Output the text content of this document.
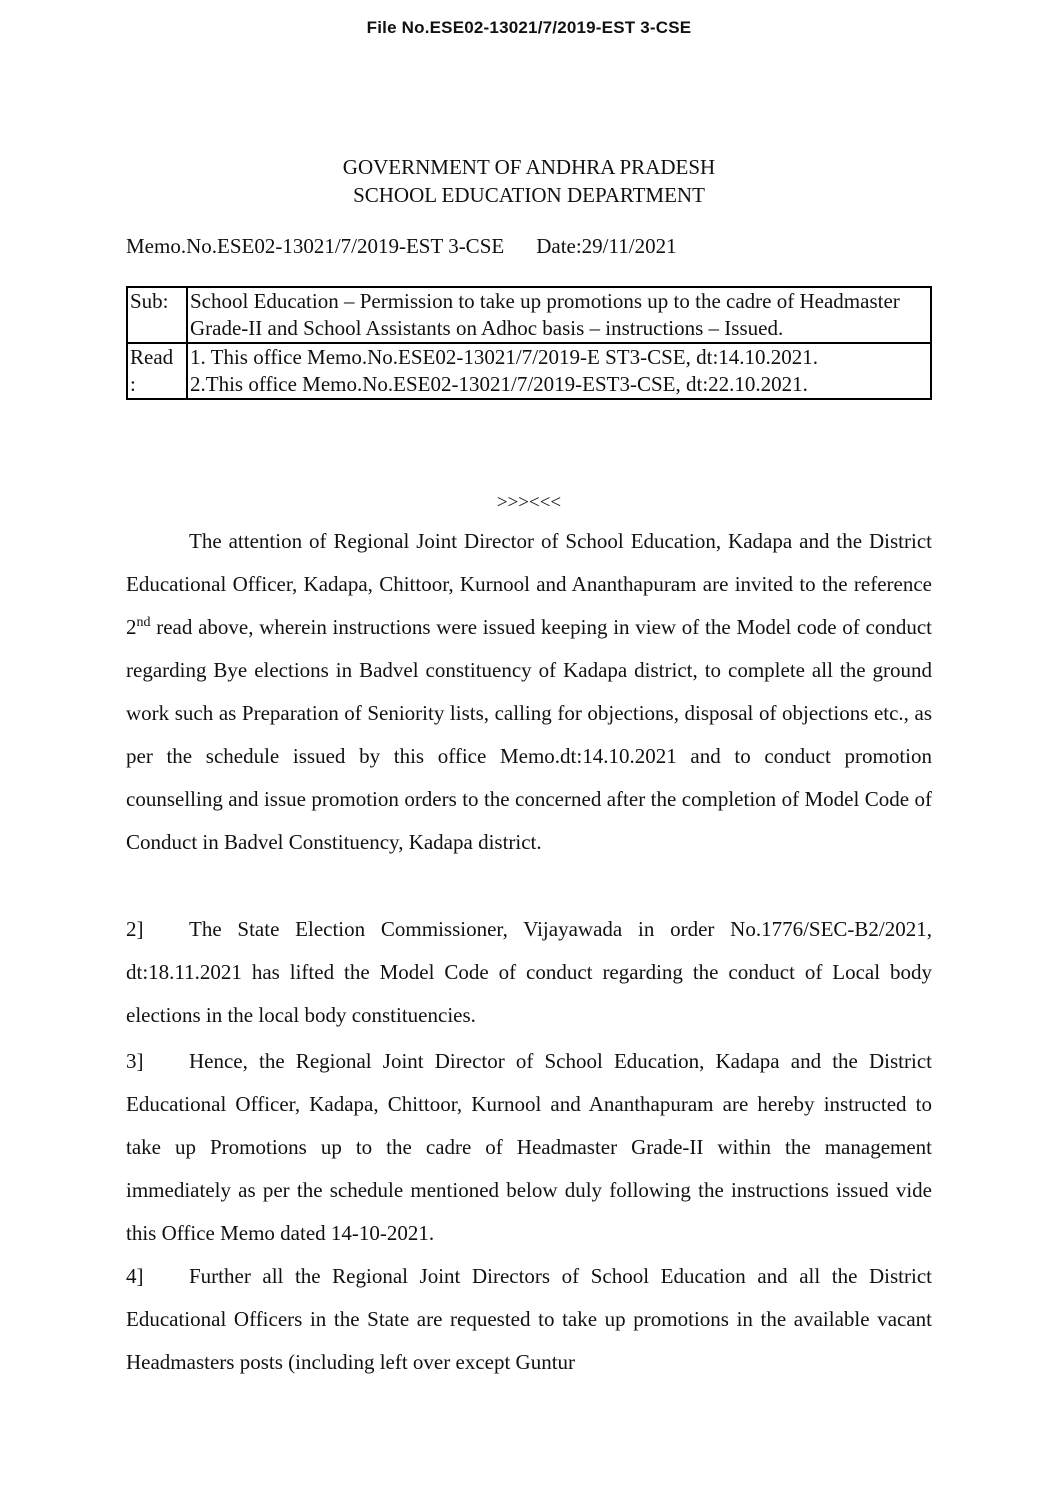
File No.ESE02-13021/7/2019-EST 3-CSE
GOVERNMENT OF ANDHRA PRADESH
SCHOOL EDUCATION DEPARTMENT
Memo.No.ESE02-13021/7/2019-EST 3-CSE Date:29/11/2021
Sub:	School Education – Permission to take up promotions up to the cadre of Headmaster Grade-II and School Assistants on Adhoc basis – instructions – Issued.
Read :	1. This office Memo.No.ESE02-13021/7/2019-E ST3-CSE, dt:14.10.2021.
2.This office Memo.No.ESE02-13021/7/2019-EST3-CSE, dt:22.10.2021.
>>><<<

The attention of Regional Joint Director of School Education, Kadapa and the District Educational Officer, Kadapa, Chittoor, Kurnool and Ananthapuram are invited to the reference 2nd read above, wherein instructions were issued keeping in view of the Model code of conduct regarding Bye elections in Badvel constituency of Kadapa district, to complete all the ground work such as Preparation of Seniority lists, calling for objections, disposal of objections etc., as per the schedule issued by this office Memo.dt:14.10.2021 and to conduct promotion counselling and issue promotion orders to the concerned after the completion of Model Code of Conduct in Badvel Constituency, Kadapa district.

2] The State Election Commissioner, Vijayawada in order No.1776/SEC-B2/2021, dt:18.11.2021 has lifted the Model Code of conduct regarding the conduct of Local body elections in the local body constituencies.

3] Hence, the Regional Joint Director of School Education, Kadapa and the District Educational Officer, Kadapa, Chittoor, Kurnool and Ananthapuram are hereby instructed to take up Promotions up to the cadre of Headmaster Grade-II within the management immediately as per the schedule mentioned below duly following the instructions issued vide this Office Memo dated 14-10-2021.

4] Further all the Regional Joint Directors of School Education and all the District Educational Officers in the State are requested to take up promotions in the available vacant Headmasters posts (including left over except Guntur
